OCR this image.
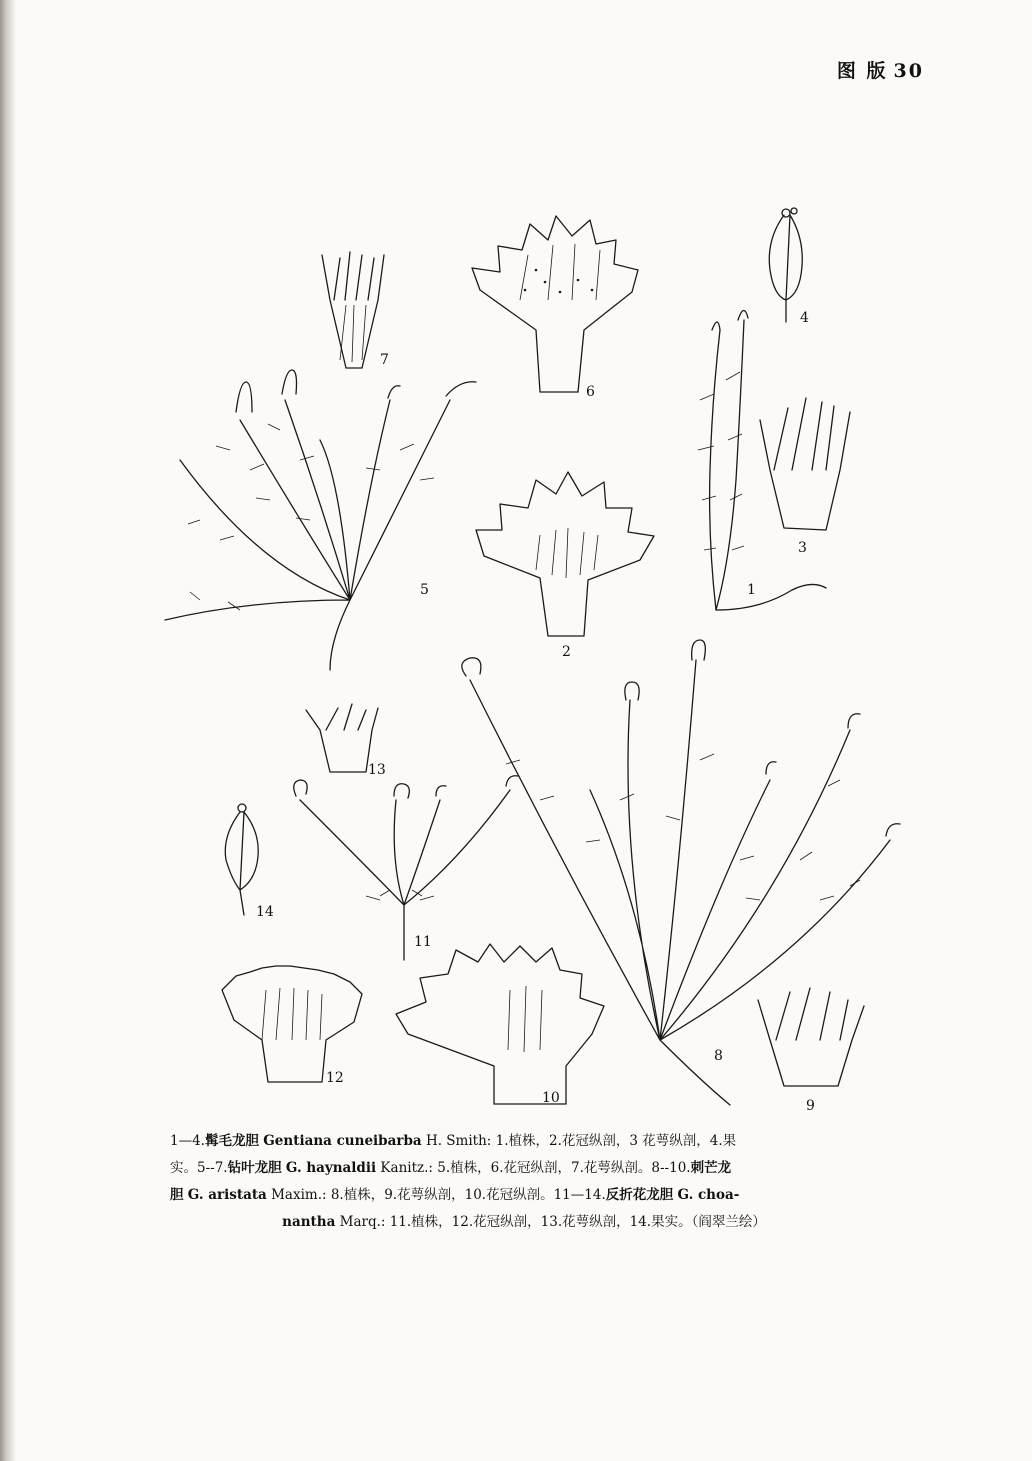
图 版 30
1
2
3
4
5
6
7
8
9
10
11
12
13
14

1—4.髯毛龙胆 Gentiana cuneibarba H. Smith: 1.植株，2.花冠纵剖，3 花萼纵剖，4.果

实。5--7.钻叶龙胆 G. haynaldii Kanitz.: 5.植株，6.花冠纵剖，7.花萼纵剖。8--10.刺芒龙

胆 G. aristata Maxim.: 8.植株，9.花萼纵剖，10.花冠纵剖。11—14.反折花龙胆 G. choa-

nantha Marq.: 11.植株，12.花冠纵剖，13.花萼纵剖，14.果实。（阎翠兰绘）
